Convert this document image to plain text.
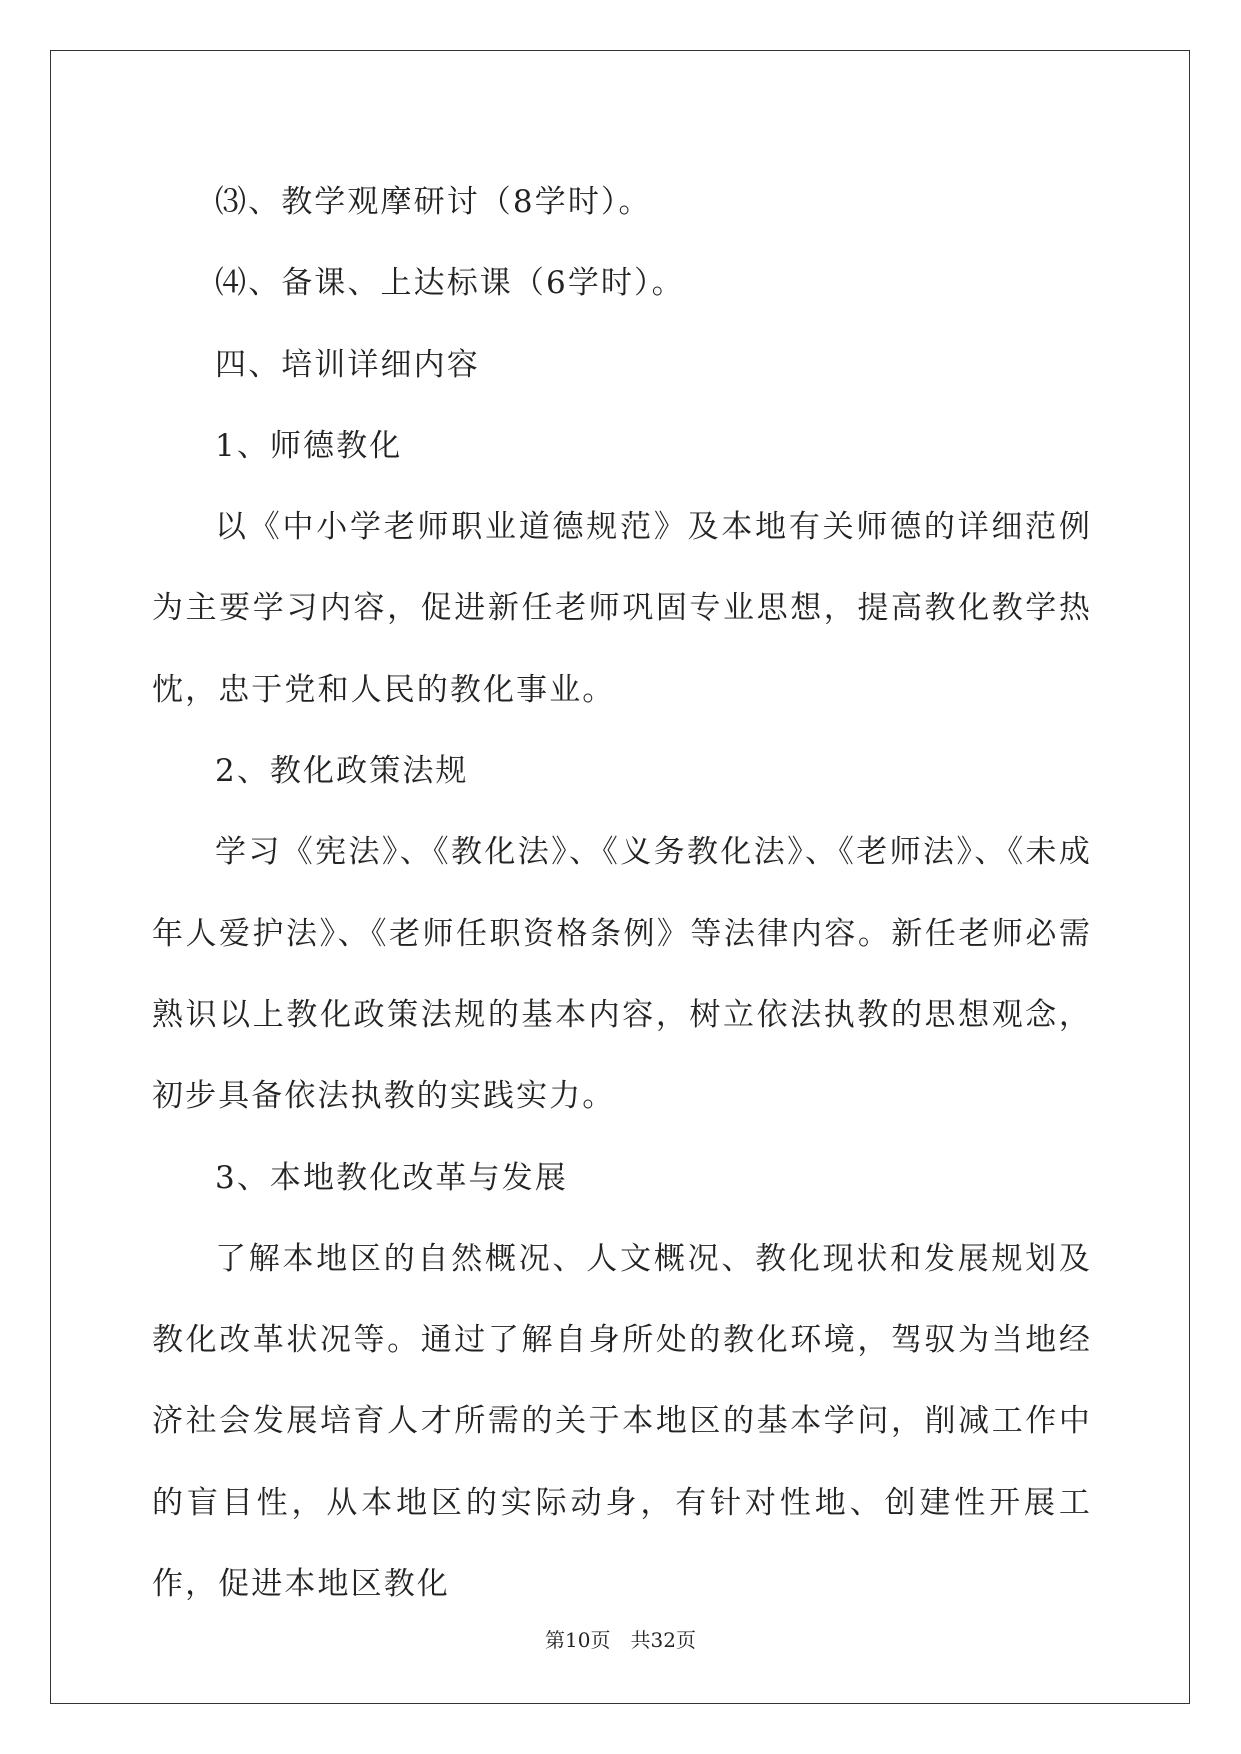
⑶、教学观摩研讨（8学时）。

⑷、备课、上达标课（6学时）。

四、培训详细内容

1、师德教化

以《中小学老师职业道德规范》及本地有关师德的详细范例为主要学习内容，促进新任老师巩固专业思想，提高教化教学热忱，忠于党和人民的教化事业。

2、教化政策法规

学习《宪法》、《教化法》、《义务教化法》、《老师法》、《未成年人爱护法》、《老师任职资格条例》等法律内容。新任老师必需熟识以上教化政策法规的基本内容，树立依法执教的思想观念，初步具备依法执教的实践实力。

3、本地教化改革与发展

了解本地区的自然概况、人文概况、教化现状和发展规划及教化改革状况等。通过了解自身所处的教化环境，驾驭为当地经济社会发展培育人才所需的关于本地区的基本学问，削减工作中的盲目性，从本地区的实际动身，有针对性地、创建性开展工作，促进本地区教化

第10页　共32页
